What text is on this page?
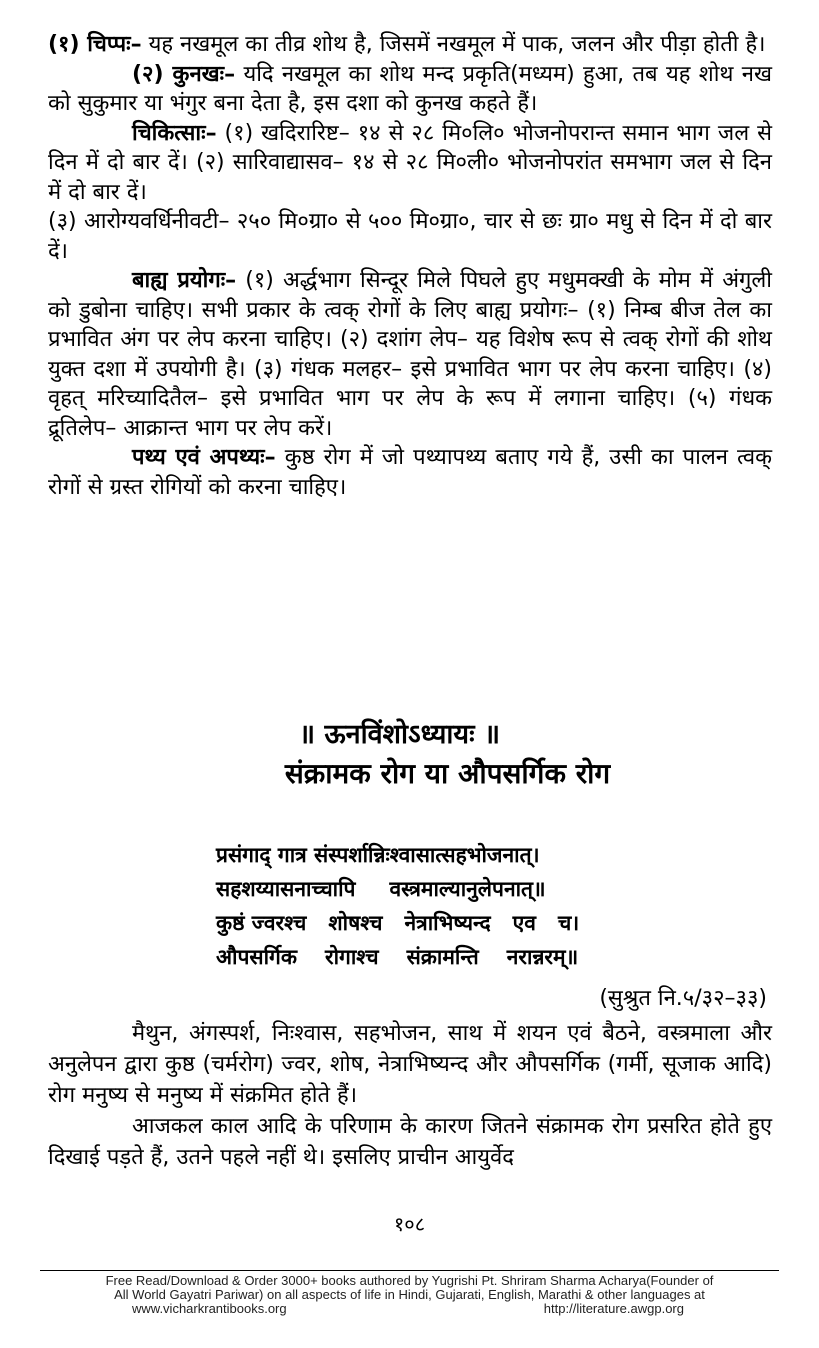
(१) चिप्पः– यह नखमूल का तीव्र शोथ है, जिसमें नखमूल में पाक, जलन और पीड़ा होती है।

(२) कुनखः– यदि नखमूल का शोथ मन्द प्रकृति(मध्यम) हुआ, तब यह शोथ नख को सुकुमार या भंगुर बना देता है, इस दशा को कुनख कहते हैं।

चिकित्साः– (१) खदिरारिष्ट– १४ से २८ मि०लि० भोजनोपरान्त समान भाग जल से दिन में दो बार दें। (२) सारिवाद्यासव– १४ से २८ मि०ली० भोजनोपरांत समभाग जल से दिन में दो बार दें।

(३) आरोग्यवर्धिनीवटी– २५० मि०ग्रा० से ५०० मि०ग्रा०, चार से छः ग्रा० मधु से दिन में दो बार दें।

बाह्य प्रयोगः– (१) अर्द्धभाग सिन्दूर मिले पिघले हुए मधुमक्खी के मोम में अंगुली को डुबोना चाहिए। सभी प्रकार के त्वक् रोगों के लिए बाह्य प्रयोगः– (१) निम्ब बीज तेल का प्रभावित अंग पर लेप करना चाहिए। (२) दशांग लेप– यह विशेष रूप से त्वक् रोगों की शोथ युक्त दशा में उपयोगी है। (३) गंधक मलहर– इसे प्रभावित भाग पर लेप करना चाहिए। (४) वृहत् मरिच्यादितैल– इसे प्रभावित भाग पर लेप के रूप में लगाना चाहिए। (५) गंधक द्रूतिलेप– आक्रान्त भाग पर लेप करें।

पथ्य एवं अपथ्यः– कुष्ठ रोग में जो पथ्यापथ्य बताए गये हैं, उसी का पालन त्वक् रोगों से ग्रस्त रोगियों को करना चाहिए।

॥ ऊनविंशोऽध्यायः ॥
संक्रामक रोग या औपसर्गिक रोग
प्रसंगाद् गात्र संस्पर्शान्निःश्वासात्सहभोजनात्।
सहशय्यासनाच्चापि वस्त्रमाल्यानुलेपनात्॥
कुष्ठं ज्वरश्च शोषश्च नेत्राभिष्यन्द एव च।
औपसर्गिक रोगाश्च संक्रामन्ति नरान्नरम्॥
(सुश्रुत नि.५/३२–३३)

मैथुन, अंगस्पर्श, निःश्वास, सहभोजन, साथ में शयन एवं बैठने, वस्त्रमाला और अनुलेपन द्वारा कुष्ठ (चर्मरोग) ज्वर, शोष, नेत्राभिष्यन्द और औपसर्गिक (गर्मी, सूजाक आदि) रोग मनुष्य से मनुष्य में संक्रमित होते हैं।

आजकल काल आदि के परिणाम के कारण जितने संक्रामक रोग प्रसरित होते हुए दिखाई पड़ते हैं, उतने पहले नहीं थे। इसलिए प्राचीन आयुर्वेद

१०८
Free Read/Download & Order 3000+ books authored by Yugrishi Pt. Shriram Sharma Acharya(Founder of
All World Gayatri Pariwar) on all aspects of life in Hindi, Gujarati, English, Marathi & other languages at
www.vicharkrantibooks.org	http://literature.awgp.org
